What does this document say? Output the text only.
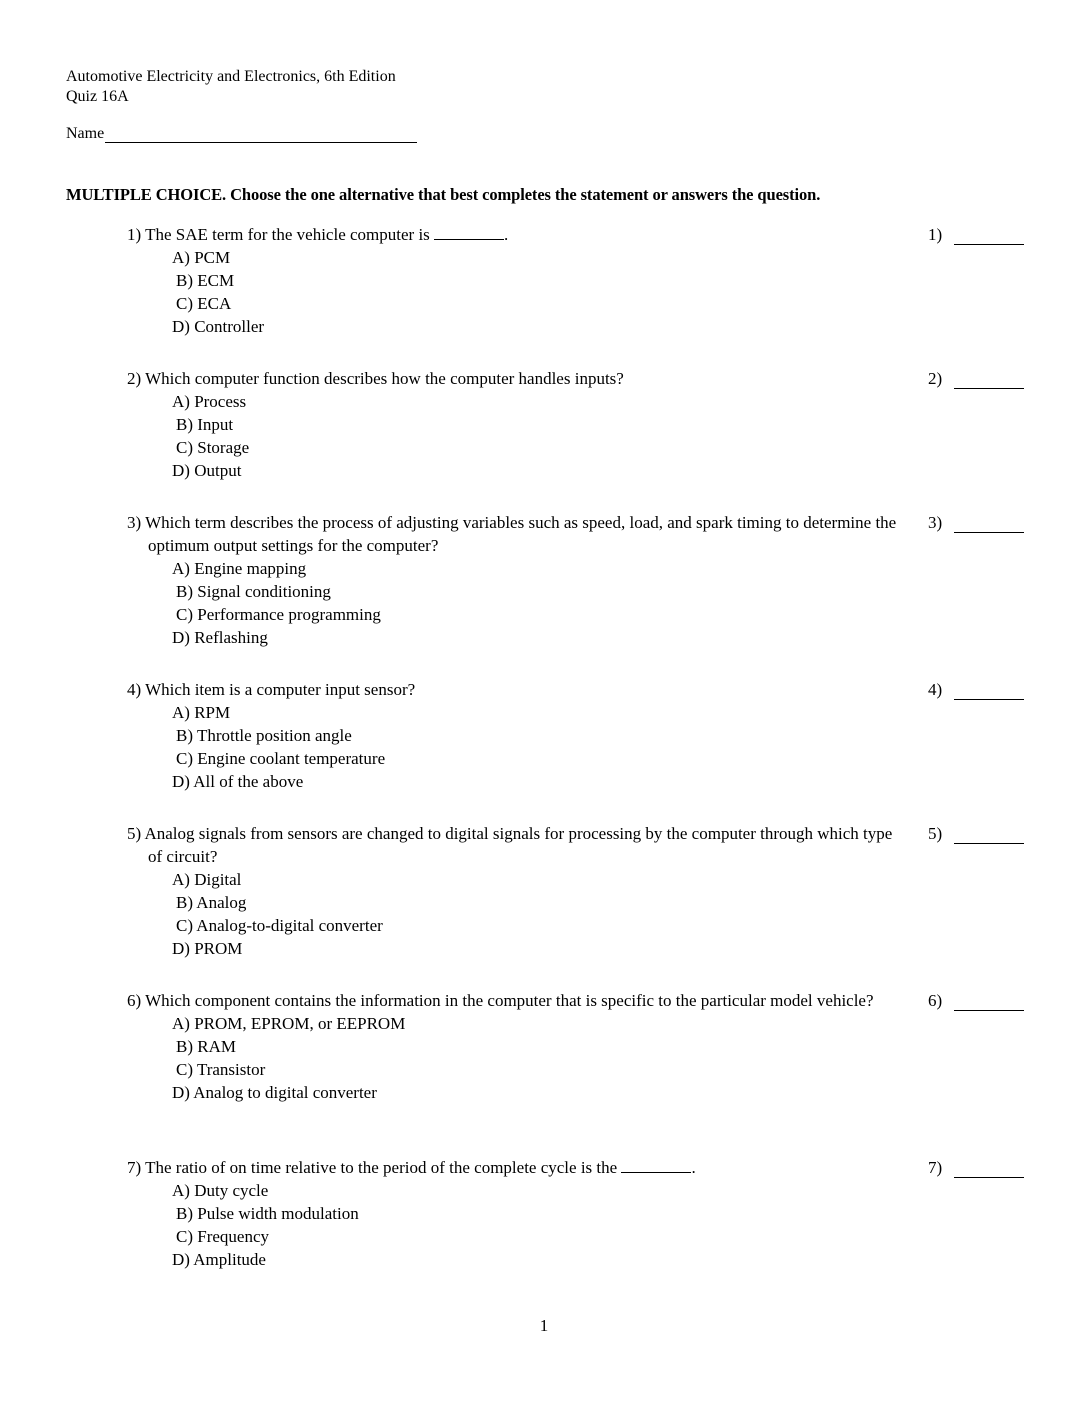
Automotive Electricity and Electronics, 6th Edition
Quiz 16A
Name
MULTIPLE CHOICE. Choose the one alternative that best completes the statement or answers the question.
1) The SAE term for the vehicle computer is	.
A) PCM
B) ECM
C) ECA
D) Controller
1)
2) Which computer function describes how the computer handles inputs?
A) Process
B) Input
C) Storage
D) Output
2)
3) Which term describes the process of adjusting variables such as speed, load, and spark timing to determine the optimum output settings for the computer?
A) Engine mapping
B) Signal conditioning
C) Performance programming
D) Reflashing
3)
4) Which item is a computer input sensor?
A) RPM
B) Throttle position angle
C) Engine coolant temperature
D) All of the above
4)
5) Analog signals from sensors are changed to digital signals for processing by the computer through which type of circuit?
A) Digital
B) Analog
C) Analog-to-digital converter
D) PROM
5)
6) Which component contains the information in the computer that is specific to the particular model vehicle?
A) PROM, EPROM, or EEPROM
B) RAM
C) Transistor
D) Analog to digital converter
6)
7) The ratio of on time relative to the period of the complete cycle is the	.
A) Duty cycle
B) Pulse width modulation
C) Frequency
D) Amplitude
7)
1
